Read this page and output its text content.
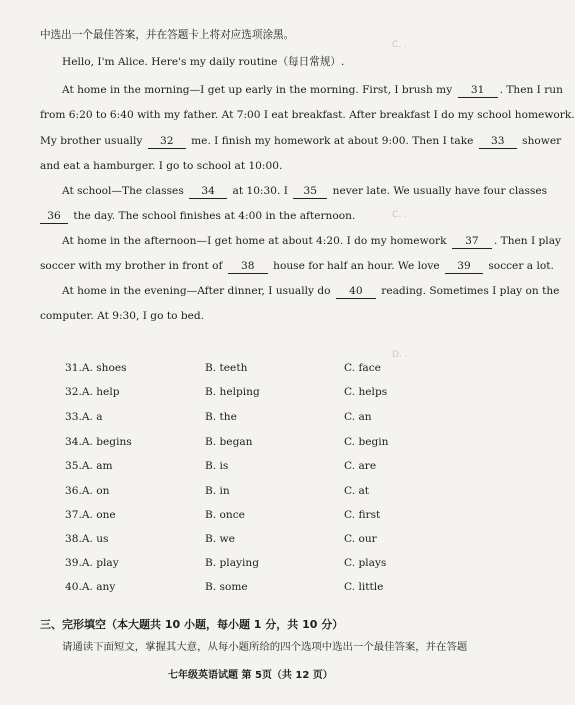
C. .
C. .
D. .
中选出一个最佳答案，并在答题卡上将对应选项涂黑。
Hello, I'm Alice. Here's my daily routine（每日常规）.
At home in the morning—I get up early in the morning. First, I brush my 31 . Then I run
from 6:20 to 6:40 with my father. At 7:00 I eat breakfast. After breakfast I do my school homework.
My brother usually 32 me. I finish my homework at about 9:00. Then I take 33 shower
and eat a hamburger. I go to school at 10:00.
At school—The classes 34 at 10:30. I 35 never late. We usually have four classes
36 the day. The school finishes at 4:00 in the afternoon.
At home in the afternoon—I get home at about 4:20. I do my homework 37 . Then I play
soccer with my brother in front of 38 house for half an hour. We love 39 soccer a lot.
At home in the evening—After dinner, I usually do 40 reading. Sometimes I play on the
computer. At 9:30, I go to bed.
31.A. shoes	B. teeth	C. face
32.A. help	B. helping	C. helps
33.A. a	B. the	C. an
34.A. begins	B. began	C. begin
35.A. am	B. is	C. are
36.A. on	B. in	C. at
37.A. one	B. once	C. first
38.A. us	B. we	C. our
39.A. play	B. playing	C. plays
40.A. any	B. some	C. little
三、完形填空（本大题共 10 小题，每小题 1 分，共 10 分）
请通读下面短文，掌握其大意，从每小题所给的四个选项中选出一个最佳答案，并在答题
七年级英语试题 第 5页（共 12 页）
